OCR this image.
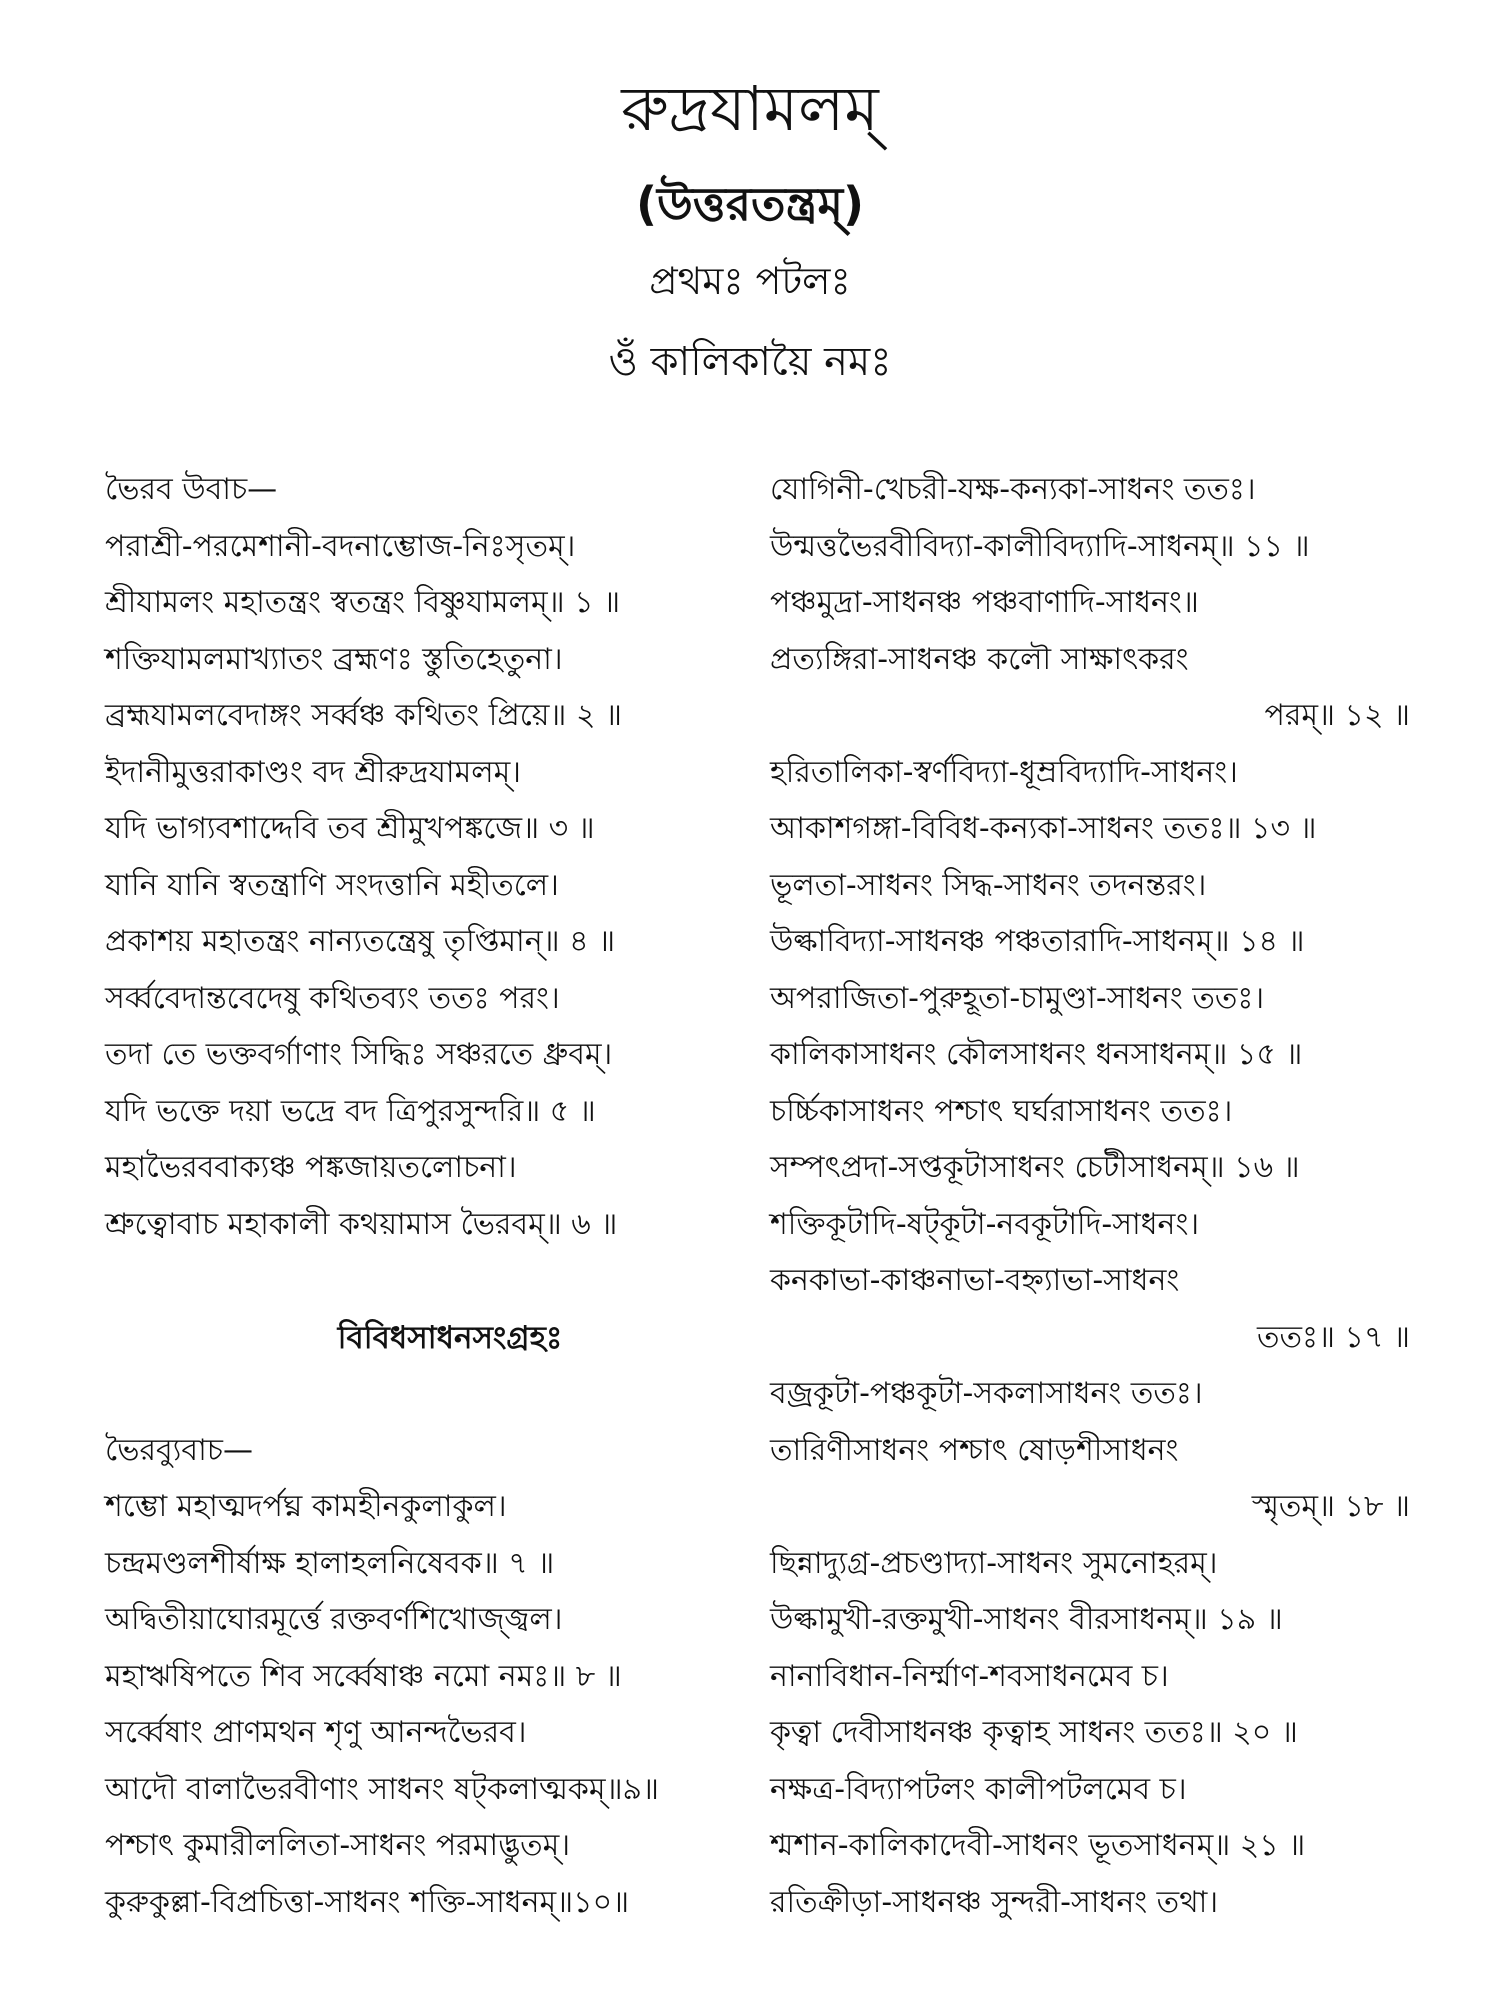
রুদ্রযামলম্
(উত্তরতন্ত্রম্)
প্রথমঃ পটলঃ
ওঁ কালিকায়ৈ নমঃ
ভৈরব উবাচ—
পরাশ্রী-পরমেশানী-বদনাম্ভোজ-নিঃসৃতম্।
শ্রীযামলং মহাতন্ত্রং স্বতন্ত্রং বিষ্ণুযামলম্॥ ১ ॥
শক্তিযামলমাখ্যাতং ব্রহ্মণঃ স্তুতিহেতুনা।
ব্রহ্মযামলবেদাঙ্গং সর্ব্বঞ্চ কথিতং প্রিয়ে॥ ২ ॥
ইদানীমুত্তরাকাণ্ডং বদ শ্রীরুদ্রযামলম্।
যদি ভাগ্যবশাদ্দেবি তব শ্রীমুখপঙ্কজে॥ ৩ ॥
যানি যানি স্বতন্ত্রাণি সংদত্তানি মহীতলে।
প্রকাশয় মহাতন্ত্রং নান্যতন্ত্রেষু তৃপ্তিমান্॥ ৪ ॥
সর্ব্ববেদান্তবেদেষু কথিতব্যং ততঃ পরং।
তদা তে ভক্তবর্গাণাং সিদ্ধিঃ সঞ্চরতে ধ্রুবম্।
যদি ভক্তে দয়া ভদ্রে বদ ত্রিপুরসুন্দরি॥ ৫ ॥
মহাভৈরববাক্যঞ্চ পঙ্কজায়তলোচনা।
শ্রুত্বোবাচ মহাকালী কথয়ামাস ভৈরবম্॥ ৬ ॥
বিবিধসাধনসংগ্রহঃ
ভৈরব্যুবাচ—
শম্ভো মহাত্মদর্পঘ্ন কামহীনকুলাকুল।
চন্দ্রমণ্ডলশীর্ষাক্ষ হালাহলনিষেবক॥ ৭ ॥
অদ্বিতীয়াঘোরমূর্ত্তে রক্তবর্ণশিখোজ্জ্বল।
মহাঋষিপতে শিব সর্ব্বেষাঞ্চ নমো নমঃ॥ ৮ ॥
সর্ব্বেষাং প্রাণমথন শৃণু আনন্দভৈরব।
আদৌ বালাভৈরবীণাং সাধনং ষট্‌কলাত্মকম্॥৯॥
পশ্চাৎ কুমারীললিতা-সাধনং পরমাদ্ভুতম্।
কুরুকুল্লা-বিপ্রচিত্তা-সাধনং শক্তি-সাধনম্॥১০॥
যোগিনী-খেচরী-যক্ষ-কন্যকা-সাধনং ততঃ।
উন্মত্তভৈরবীবিদ্যা-কালীবিদ্যাদি-সাধনম্॥ ১১ ॥
পঞ্চমুদ্রা-সাধনঞ্চ পঞ্চবাণাদি-সাধনং॥
প্রত্যঙ্গিরা-সাধনঞ্চ কলৌ সাক্ষাৎকরং
পরম্॥ ১২ ॥
হরিতালিকা-স্বর্ণবিদ্যা-ধূম্রবিদ্যাদি-সাধনং।
আকাশগঙ্গা-বিবিধ-কন্যকা-সাধনং ততঃ॥ ১৩ ॥
ভূলতা-সাধনং সিদ্ধ-সাধনং তদনন্তরং।
উল্কাবিদ্যা-সাধনঞ্চ পঞ্চতারাদি-সাধনম্॥ ১৪ ॥
অপরাজিতা-পুরুহূতা-চামুণ্ডা-সাধনং ততঃ।
কালিকাসাধনং কৌলসাধনং ধনসাধনম্॥ ১৫ ॥
চর্চ্চিকাসাধনং পশ্চাৎ ঘর্ঘরাসাধনং ততঃ।
সম্পৎপ্রদা-সপ্তকূটাসাধনং চেটীসাধনম্॥ ১৬ ॥
শক্তিকূটাদি-ষট্‌কূটা-নবকূটাদি-সাধনং।
কনকাভা-কাঞ্চনাভা-বহ্ন্যাভা-সাধনং
ততঃ॥ ১৭ ॥
বজ্রকূটা-পঞ্চকূটা-সকলাসাধনং ততঃ।
তারিণীসাধনং পশ্চাৎ ষোড়শীসাধনং
স্মৃতম্॥ ১৮ ॥
ছিন্নাদ্যুগ্র-প্রচণ্ডাদ্যা-সাধনং সুমনোহরম্।
উল্কামুখী-রক্তমুখী-সাধনং বীরসাধনম্॥ ১৯ ॥
নানাবিধান-নির্ম্মাণ-শবসাধনমেব চ।
কৃত্বা দেবীসাধনঞ্চ কৃত্বাহ সাধনং ততঃ॥ ২০ ॥
নক্ষত্র-বিদ্যাপটলং কালীপটলমেব চ।
শ্মশান-কালিকাদেবী-সাধনং ভূতসাধনম্॥ ২১ ॥
রতিক্রীড়া-সাধনঞ্চ সুন্দরী-সাধনং তথা।
